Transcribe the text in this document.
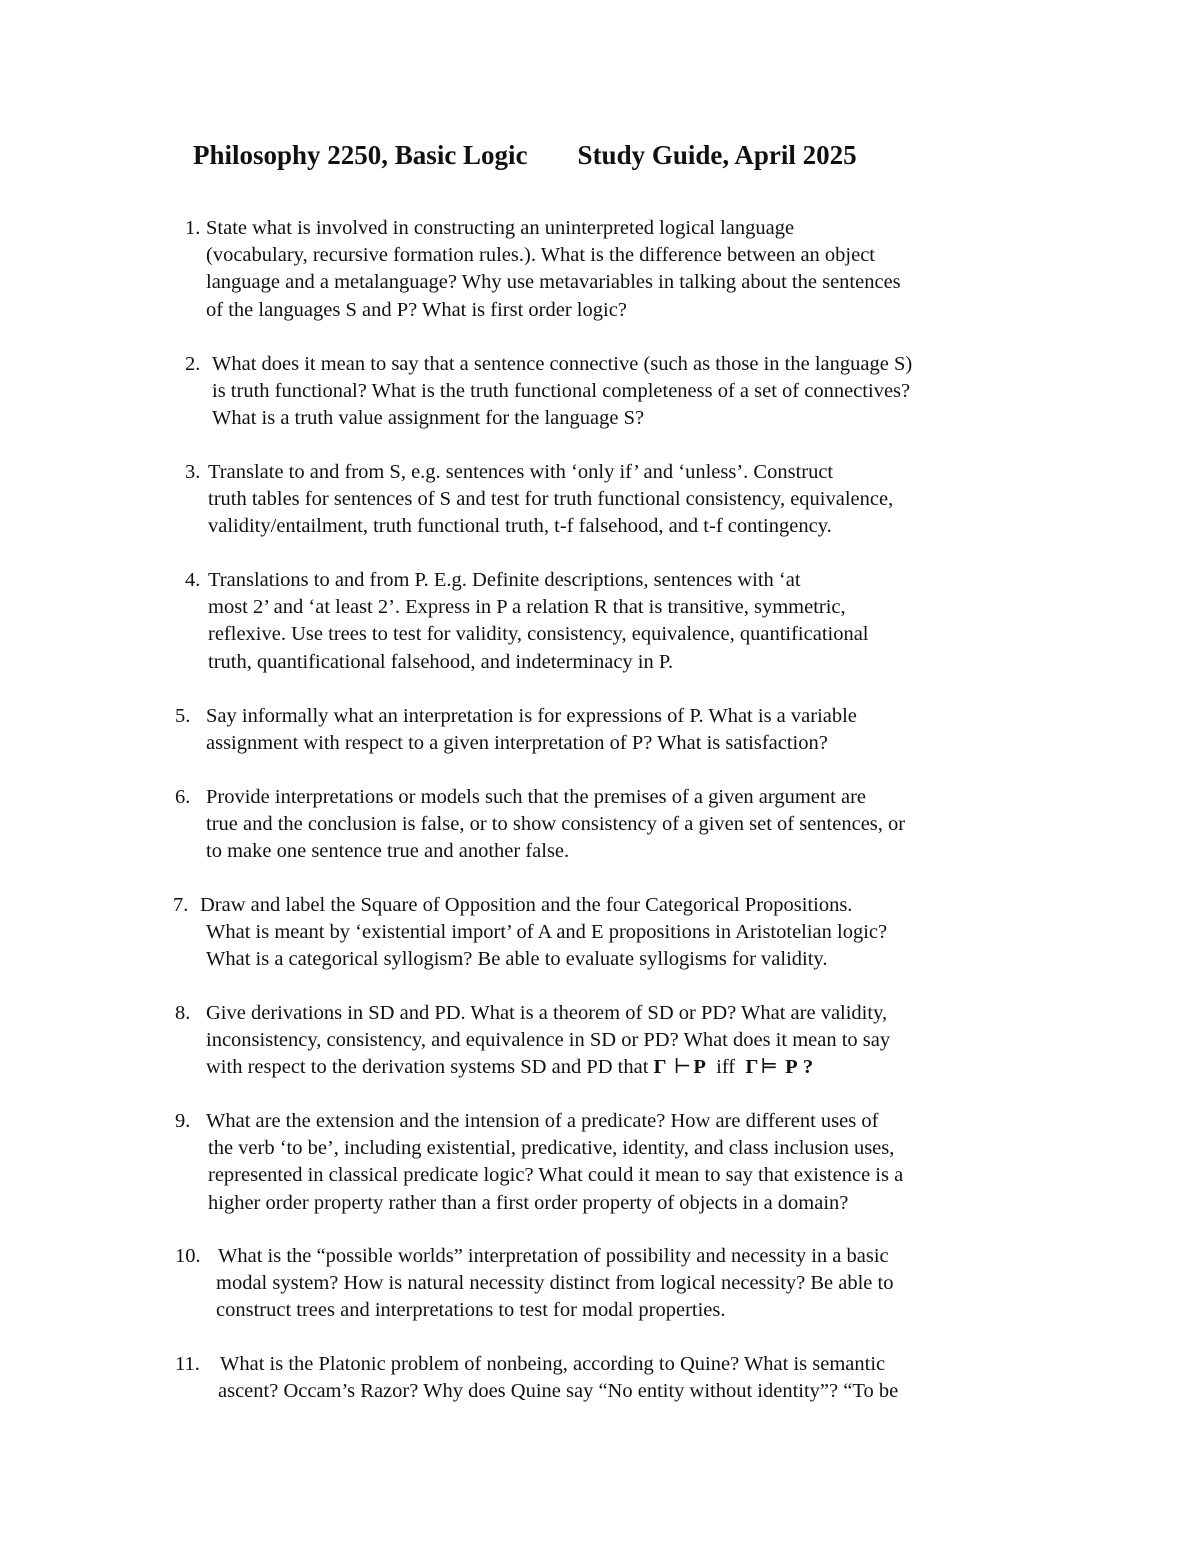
Philosophy 2250, Basic Logic Study Guide, April 2025
1. State what is involved in constructing an uninterpreted logical language
(vocabulary, recursive formation rules.). What is the difference between an object
language and a metalanguage? Why use metavariables in talking about the sentences
of the languages S and P? What is first order logic?
2. What does it mean to say that a sentence connective (such as those in the language S)
is truth functional? What is the truth functional completeness of a set of connectives?
What is a truth value assignment for the language S?
3. Translate to and from S, e.g. sentences with ‘only if’ and ‘unless’. Construct
truth tables for sentences of S and test for truth functional consistency, equivalence,
validity/entailment, truth functional truth, t-f falsehood, and t-f contingency.
4. Translations to and from P. E.g. Definite descriptions, sentences with ‘at
most 2’ and ‘at least 2’. Express in P a relation R that is transitive, symmetric,
reflexive. Use trees to test for validity, consistency, equivalence, quantificational
truth, quantificational falsehood, and indeterminacy in P.
5. Say informally what an interpretation is for expressions of P. What is a variable
assignment with respect to a given interpretation of P? What is satisfaction?
6. Provide interpretations or models such that the premises of a given argument are
true and the conclusion is false, or to show consistency of a given set of sentences, or
to make one sentence true and another false.
7. Draw and label the Square of Opposition and the four Categorical Propositions.
What is meant by ‘existential import’ of A and E propositions in Aristotelian logic?
What is a categorical syllogism? Be able to evaluate syllogisms for validity.
8. Give derivations in SD and PD. What is a theorem of SD or PD? What are validity,
inconsistency, consistency, and equivalence in SD or PD? What does it mean to say
with respect to the derivation systems SD and PD that Γ ⊢P iff Γ⊨ P ?
9. What are the extension and the intension of a predicate? How are different uses of
the verb ‘to be’, including existential, predicative, identity, and class inclusion uses,
represented in classical predicate logic? What could it mean to say that existence is a
higher order property rather than a first order property of objects in a domain?
10. What is the “possible worlds” interpretation of possibility and necessity in a basic
modal system? How is natural necessity distinct from logical necessity? Be able to
construct trees and interpretations to test for modal properties.
11. What is the Platonic problem of nonbeing, according to Quine? What is semantic
ascent? Occam’s Razor? Why does Quine say “No entity without identity”? “To be
